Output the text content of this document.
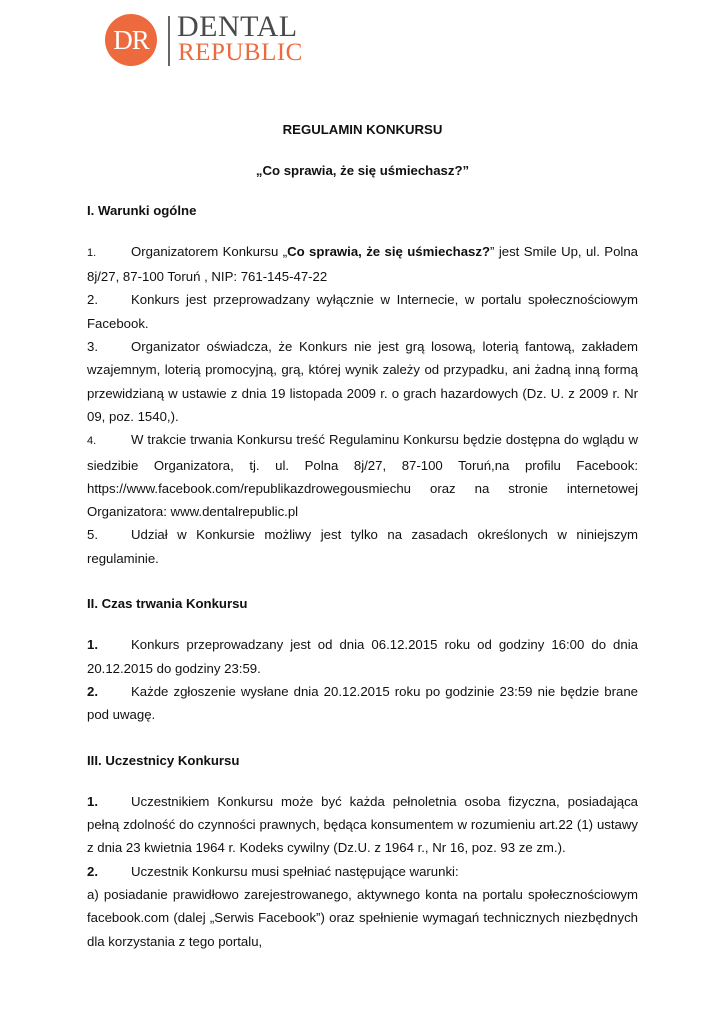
DR DENTAL
REPUBLIC

REGULAMIN KONKURSU

„Co sprawia, że się uśmiechasz?”

I. Warunki ogólne

1.	Organizatorem Konkursu „Co sprawia, że się uśmiechasz?” jest Smile Up, ul. Polna 8j/27, 87-100 Toruń , NIP: 761-145-47-22

2.	Konkurs jest przeprowadzany wyłącznie w Internecie, w portalu społecznościowym Facebook.

3.	Organizator oświadcza, że Konkurs nie jest grą losową, loterią fantową, zakładem wzajemnym, loterią promocyjną, grą, której wynik zależy od przypadku, ani żadną inną formą przewidzianą w ustawie z dnia 19 listopada 2009 r. o grach hazardowych (Dz. U. z 2009 r. Nr 09, poz. 1540,).

4.	W trakcie trwania Konkursu treść Regulaminu Konkursu będzie dostępna do wglądu w siedzibie Organizatora, tj. ul. Polna 8j/27, 87-100 Toruń,na profilu Facebook: https://www.facebook.com/republikazdrowegousmiechu oraz na stronie internetowej Organizatora: www.dentalrepublic.pl

5.	Udział w Konkursie możliwy jest tylko na zasadach określonych w niniejszym regulaminie.

II. Czas trwania Konkursu

1.	Konkurs przeprowadzany jest od dnia 06.12.2015 roku od godziny 16:00 do dnia 20.12.2015 do godziny 23:59.

2.	Każde zgłoszenie wysłane dnia 20.12.2015 roku po godzinie 23:59 nie będzie brane pod uwagę.

III. Uczestnicy Konkursu

1.	Uczestnikiem Konkursu może być każda pełnoletnia osoba fizyczna, posiadająca pełną zdolność do czynności prawnych, będąca konsumentem w rozumieniu art.22 (1) ustawy z dnia 23 kwietnia 1964 r. Kodeks cywilny (Dz.U. z 1964 r., Nr 16, poz. 93 ze zm.).

2.	Uczestnik Konkursu musi spełniać następujące warunki:

a) posiadanie prawidłowo zarejestrowanego, aktywnego konta na portalu społecznościowym facebook.com (dalej „Serwis Facebook”) oraz spełnienie wymagań technicznych niezbędnych dla korzystania z tego portalu,
